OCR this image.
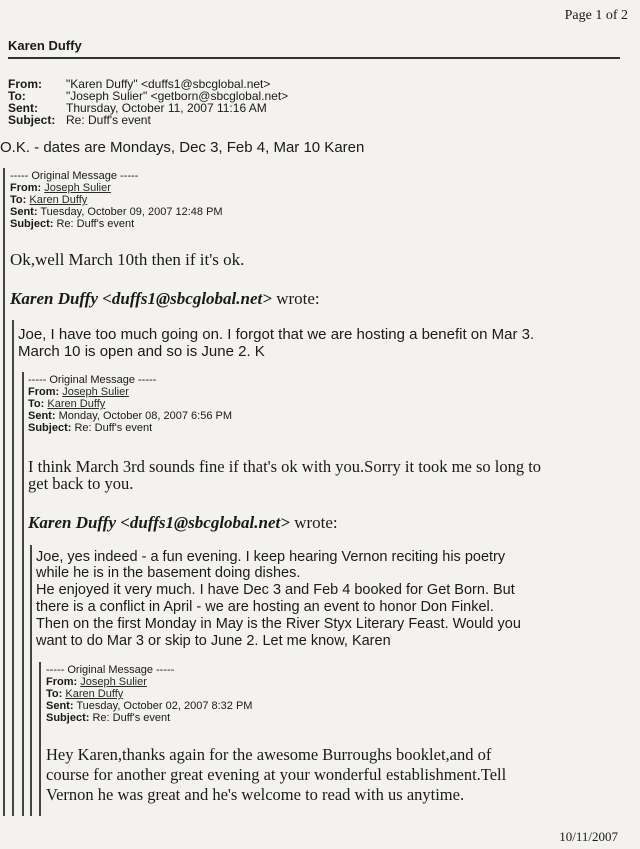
Page 1 of 2
Karen Duffy
From: "Karen Duffy" <duffs1@sbcglobal.net>
To:	"Joseph Sulier" <getborn@sbcglobal.net>
Sent: Thursday, October 11, 2007 11:16 AM
Subject: Re: Duff's event
O.K. - dates are Mondays, Dec 3, Feb 4, Mar 10 Karen
----- Original Message -----
From: Joseph Sulier
To: Karen Duffy
Sent: Tuesday, October 09, 2007 12:48 PM
Subject: Re: Duff's event
Ok,well March 10th then if it's ok.
Karen Duffy <duffs1@sbcglobal.net> wrote:
Joe, I have too much going on. I forgot that we are hosting a benefit on Mar 3.
March 10 is open and so is June 2. K
----- Original Message -----
From: Joseph Sulier
To: Karen Duffy
Sent: Monday, October 08, 2007 6:56 PM
Subject: Re: Duff's event
I think March 3rd sounds fine if that's ok with you.Sorry it took me so long to
get back to you.
Karen Duffy <duffs1@sbcglobal.net> wrote:
Joe, yes indeed - a fun evening. I keep hearing Vernon reciting his poetry
while he is in the basement doing dishes.
He enjoyed it very much. I have Dec 3 and Feb 4 booked for Get Born. But
there is a conflict in April - we are hosting an event to honor Don Finkel.
Then on the first Monday in May is the River Styx Literary Feast. Would you
want to do Mar 3 or skip to June 2. Let me know, Karen
----- Original Message -----
From: Joseph Sulier
To: Karen Duffy
Sent: Tuesday, October 02, 2007 8:32 PM
Subject: Re: Duff's event
Hey Karen,thanks again for the awesome Burroughs booklet,and of
course for another great evening at your wonderful establishment.Tell
Vernon he was great and he's welcome to read with us anytime.
10/11/2007
